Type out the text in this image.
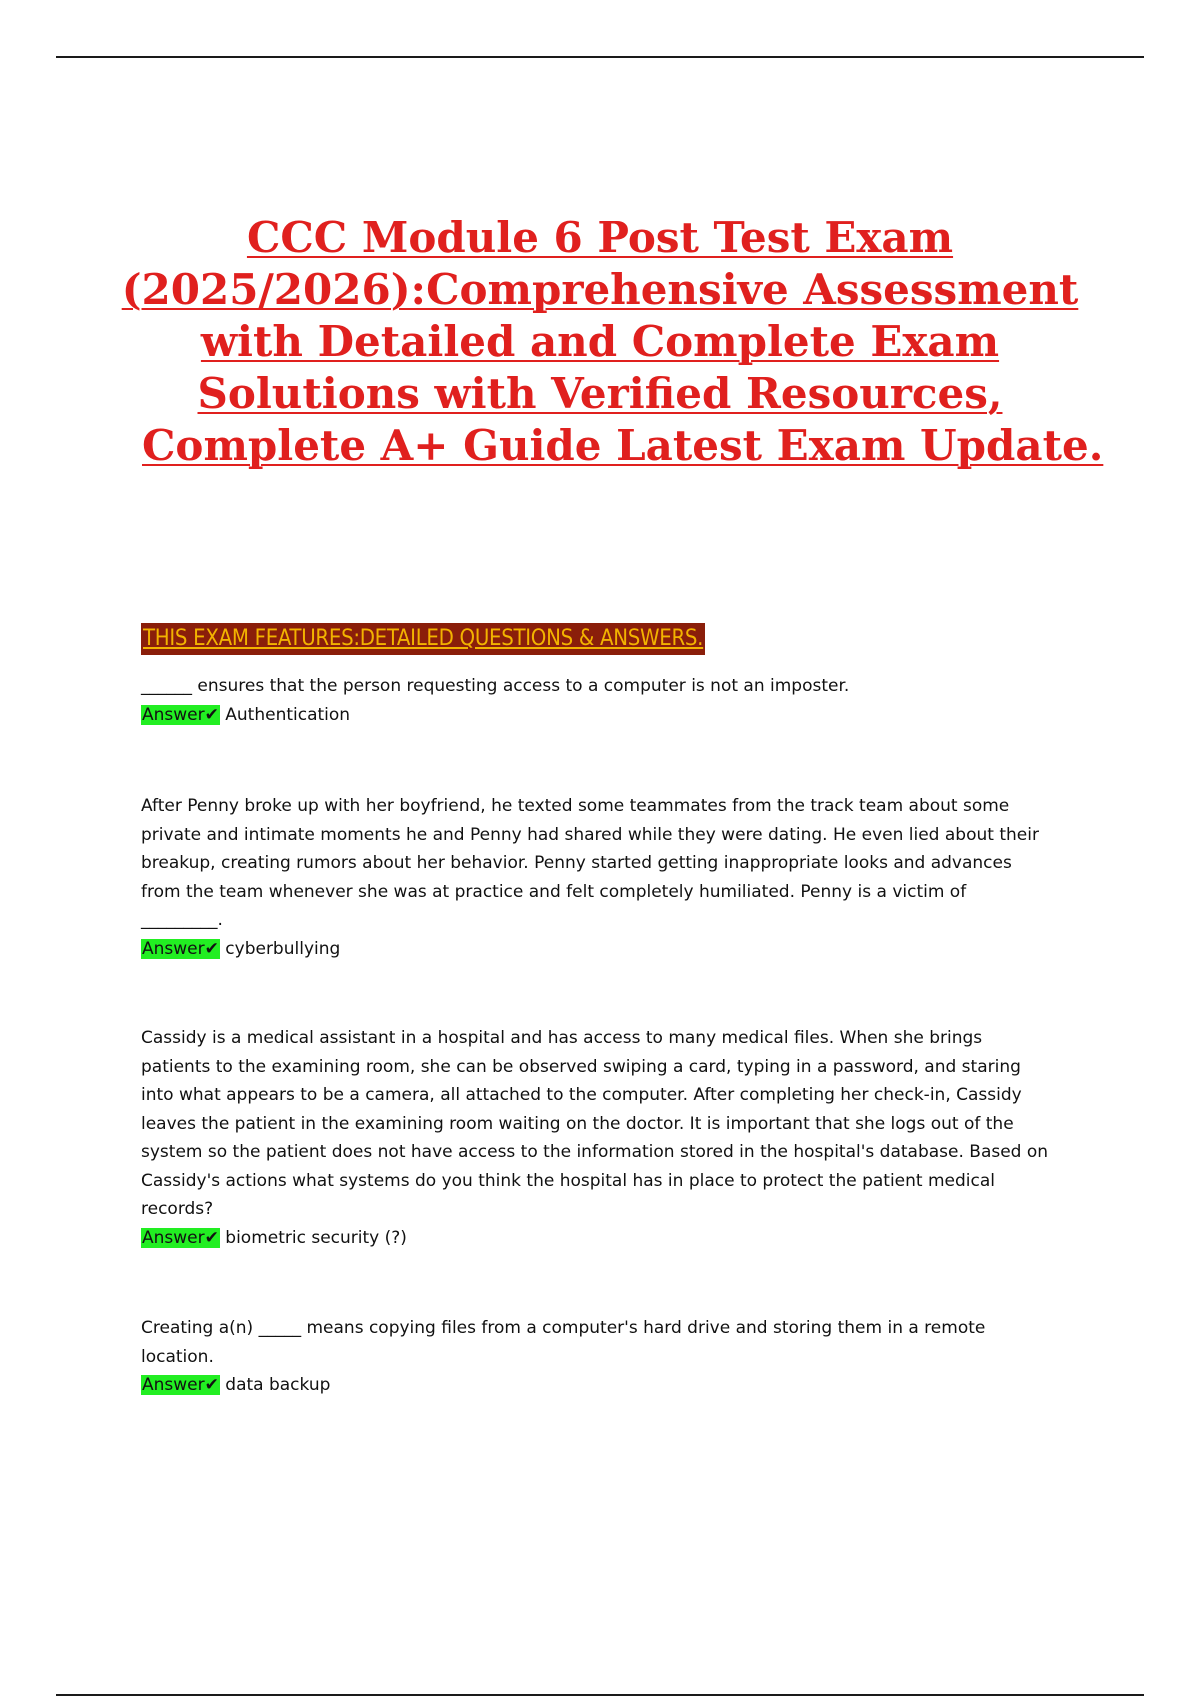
CCC Module 6 Post Test Exam
(2025/2026):Comprehensive Assessment
with Detailed and Complete Exam
Solutions with Verified Resources,
Complete A+ Guide Latest Exam Update.
THIS EXAM FEATURES:DETAILED QUESTIONS & ANSWERS.

______ ensures that the person requesting access to a computer is not an imposter.

Answer✔ Authentication

After Penny broke up with her boyfriend, he texted some teammates from the track team about some private and intimate moments he and Penny had shared while they were dating. He even lied about their breakup, creating rumors about her behavior. Penny started getting inappropriate looks and advances from the team whenever she was at practice and felt completely humiliated. Penny is a victim of _________.

Answer✔ cyberbullying

Cassidy is a medical assistant in a hospital and has access to many medical files. When she brings patients to the examining room, she can be observed swiping a card, typing in a password, and staring into what appears to be a camera, all attached to the computer. After completing her check-in, Cassidy leaves the patient in the examining room waiting on the doctor. It is important that she logs out of the system so the patient does not have access to the information stored in the hospital's database. Based on Cassidy's actions what systems do you think the hospital has in place to protect the patient medical records?

Answer✔ biometric security (?)

Creating a(n) _____ means copying files from a computer's hard drive and storing them in a remote location.

Answer✔ data backup
